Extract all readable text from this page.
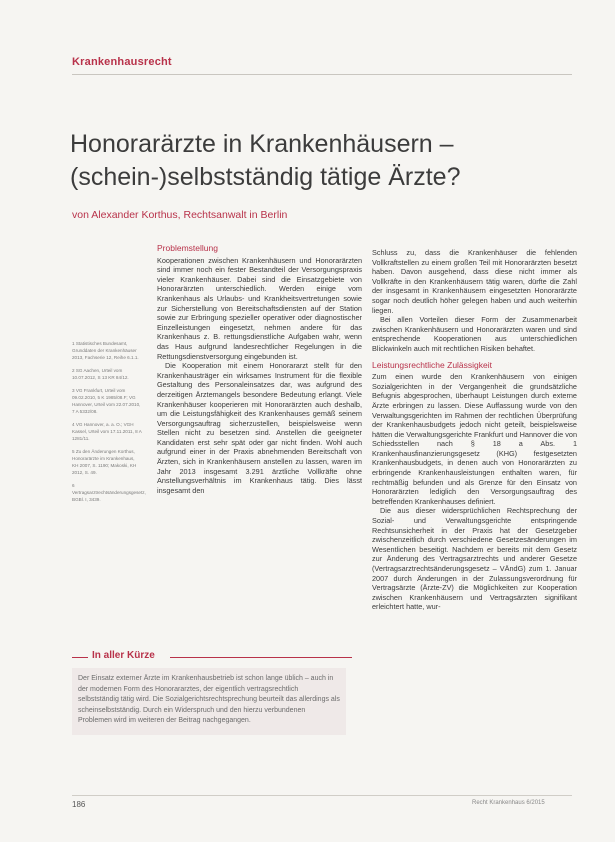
Krankenhausrecht
Honorarärzte in Krankenhäusern –
(schein-)selbstständig tätige Ärzte?
von Alexander Korthus, Rechtsanwalt in Berlin
1 Statistisches Bundesamt, Grunddaten der Krankenhäuser 2013, Fachserie 12, Reihe 6.1.1.
2 SG Aachen, Urteil vom 10.07.2012, S 13 KR 84/12.
3 VG Frankfurt, Urteil vom 09.02.2010, 5 K 1985/08.F; VG Hannover, Urteil vom 22.07.2010, 7 A 5332/08.
4 VG Hannover, a. a. O.; VGH Kassel, Urteil vom 17.11.2011, 8 A 1281/11.
5 Zu den Änderungen Korthus, Honorarärzte im Krankenhaus, KH 2007, S. 1190; Makoski, KH 2012, S. 49.
6 Vertragsarztrechtsänderungsgesetz, BGBl. I, 3439.
Problemstellung

Kooperationen zwischen Krankenhäusern und Honorarärzten sind immer noch ein fester Bestandteil der Versorgungspraxis vieler Krankenhäuser. Dabei sind die Einsatzgebiete von Honorarärzten unterschiedlich. Werden einige vom Krankenhaus als Urlaubs- und Krankheitsvertretungen sowie zur Sicherstellung von Bereitschaftsdiensten auf der Station sowie zur Erbringung spezieller operativer oder diagnostischer Einzelleistungen eingesetzt, nehmen andere für das Krankenhaus z. B. rettungsdienstliche Aufgaben wahr, wenn das Haus aufgrund landesrechtlicher Regelungen in die Rettungsdienstversorgung eingebunden ist.

Die Kooperation mit einem Honorararzt stellt für den Krankenhausträger ein wirksames Instrument für die flexible Gestaltung des Personaleinsatzes dar, was aufgrund des derzeitigen Ärztemangels besondere Bedeutung erlangt. Viele Krankenhäuser kooperieren mit Honorarärzten auch deshalb, um die Leistungsfähigkeit des Krankenhauses gemäß seinem Versorgungsauftrag sicherzustellen, beispielsweise wenn Stellen nicht zu besetzen sind. Anstellen die geeigneter Kandidaten erst sehr spät oder gar nicht finden. Wohl auch aufgrund einer in der Praxis abnehmenden Bereitschaft von Ärzten, sich in Krankenhäusern anstellen zu lassen, waren im Jahr 2013 insgesamt 3.291 ärztliche Vollkräfte ohne Anstellungsverhältnis im Krankenhaus tätig. Dies lässt insgesamt den

Schluss zu, dass die Krankenhäuser die fehlenden Vollkraftstellen zu einem großen Teil mit Honorarärzten besetzt haben. Davon ausgehend, dass diese nicht immer als Vollkräfte in den Krankenhäusern tätig waren, dürfte die Zahl der insgesamt in Krankenhäusern eingesetzten Honorarärzte sogar noch deutlich höher gelegen haben und auch weiterhin liegen.

Bei allen Vorteilen dieser Form der Zusammenarbeit zwischen Krankenhäusern und Honorarärzten waren und sind entsprechende Kooperationen aus unterschiedlichen Blickwinkeln auch mit rechtlichen Risiken behaftet.

Leistungsrechtliche Zulässigkeit

Zum einen wurde den Krankenhäusern von einigen Sozialgerichten in der Vergangenheit die grundsätzliche Befugnis abgesprochen, überhaupt Leistungen durch externe Ärzte erbringen zu lassen. Diese Auffassung wurde von den Verwaltungsgerichten im Rahmen der rechtlichen Überprüfung der Krankenhausbudgets jedoch nicht geteilt, beispielsweise hätten die Verwaltungsgerichte Frankfurt und Hannover die von Schiedsstellen nach § 18 a Abs. 1 Krankenhausfinanzierungsgesetz (KHG) festgesetzten Krankenhausbudgets, in denen auch von Honorarärzten zu erbringende Krankenhausleistungen enthalten waren, für rechtmäßig befunden und als Grenze für den Einsatz von Honorarärzten lediglich den Versorgungsauftrag des betreffenden Krankenhauses definiert.

Die aus dieser widersprüchlichen Rechtsprechung der Sozial- und Verwaltungsgerichte entspringende Rechtsunsicherheit in der Praxis hat der Gesetzgeber zwischenzeitlich durch verschiedene Gesetzesänderungen im Wesentlichen beseitigt. Nachdem er bereits mit dem Gesetz zur Änderung des Vertragsarztrechts und anderer Gesetze (Vertragsarztrechtsänderungsgesetz – VÄndG) zum 1. Januar 2007 durch Änderungen in der Zulassungsverordnung für Vertragsärzte (Ärzte-ZV) die Möglichkeiten zur Kooperation zwischen Krankenhäusern und Vertragsärzten signifikant erleichtert hatte, wur-

In aller Kürze
Der Einsatz externer Ärzte im Krankenhausbetrieb ist schon lange üblich – auch in der modernen Form des Honorararztes, der eigentlich vertragsrechtlich selbstständig tätig wird. Die Sozialgerichtsrechtsprechung beurteilt das allerdings als scheinselbstständig. Durch ein Widerspruch und den hierzu verbundenen Problemen wird im weiteren der Beitrag nachgegangen.
186	Recht Krankenhaus 6/2015
